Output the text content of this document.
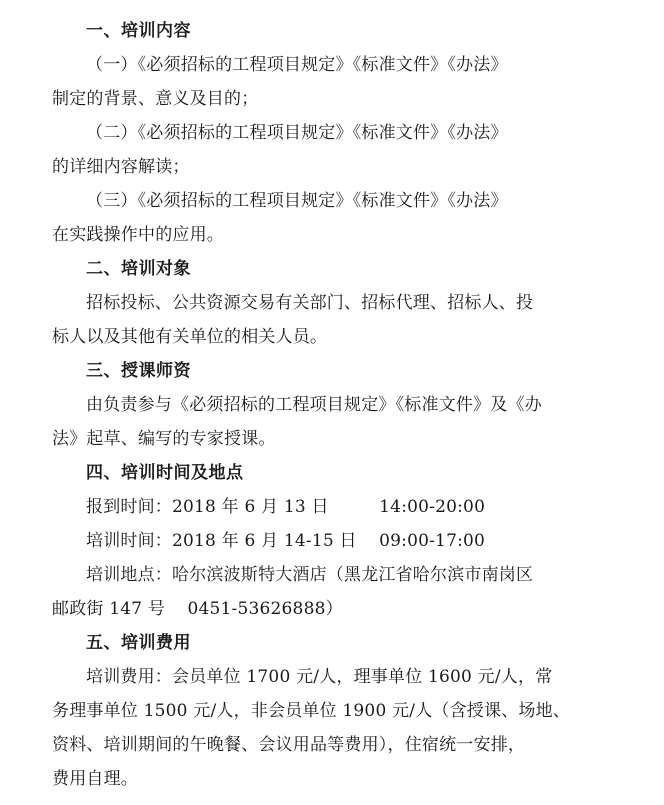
一、培训内容

（一）《必须招标的工程项目规定》《标准文件》《办法》

制定的背景、意义及目的；

（二）《必须招标的工程项目规定》《标准文件》《办法》

的详细内容解读；

（三）《必须招标的工程项目规定》《标准文件》《办法》

在实践操作中的应用。

二、培训对象

招标投标、公共资源交易有关部门、招标代理、招标人、投

标人以及其他有关单位的相关人员。

三、授课师资

由负责参与《必须招标的工程项目规定》《标准文件》及《办

法》起草、编写的专家授课。

四、培训时间及地点

报到时间：2018 年 6 月 13 日         14:00-20:00

培训时间：2018 年 6 月 14-15 日    09:00-17:00

培训地点：哈尔滨波斯特大酒店（黑龙江省哈尔滨市南岗区

邮政街 147 号    0451-53626888）

五、培训费用

培训费用：会员单位 1700 元/人，理事单位 1600 元/人，常

务理事单位 1500 元/人，非会员单位 1900 元/人（含授课、场地、

资料、培训期间的午晚餐、会议用品等费用），住宿统一安排，

费用自理。
